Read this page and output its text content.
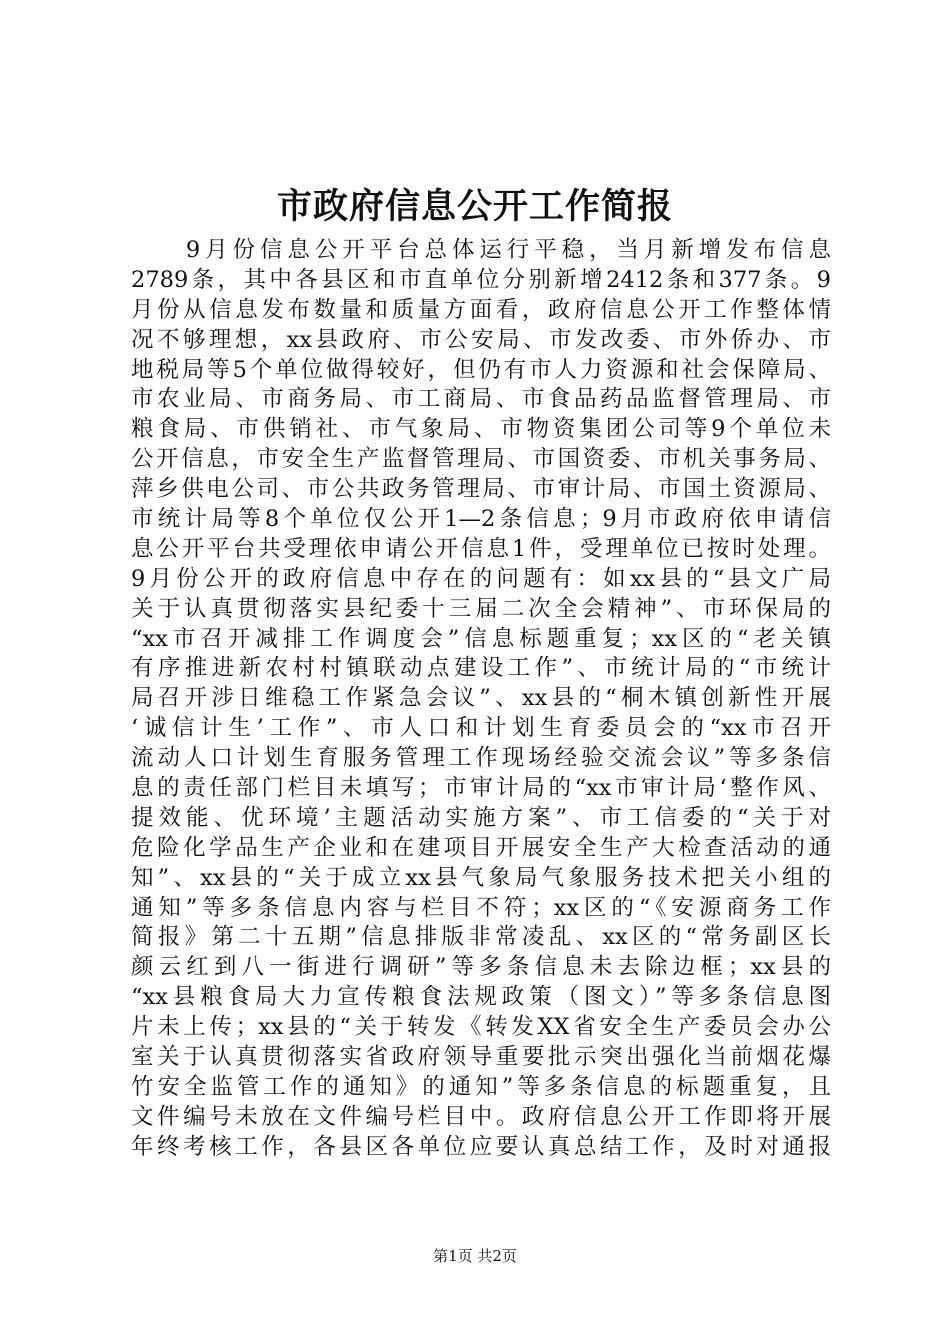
市政府信息公开工作简报
　　9月份信息公开平台总体运行平稳，当月新增发布信息
2789条，其中各县区和市直单位分别新增2412条和377条。9
月份从信息发布数量和质量方面看，政府信息公开工作整体情
况不够理想，xx县政府、市公安局、市发改委、市外侨办、市
地税局等5个单位做得较好，但仍有市人力资源和社会保障局、
市农业局、市商务局、市工商局、市食品药品监督管理局、市
粮食局、市供销社、市气象局、市物资集团公司等9个单位未
公开信息，市安全生产监督管理局、市国资委、市机关事务局、
萍乡供电公司、市公共政务管理局、市审计局、市国土资源局、
市统计局等8个单位仅公开1—2条信息；9月市政府依申请信
息公开平台共受理依申请公开信息1件，受理单位已按时处理。
9月份公开的政府信息中存在的问题有：如xx县的“县文广局
关于认真贯彻落实县纪委十三届二次全会精神”、市环保局的
“xx市召开减排工作调度会”信息标题重复；xx区的“老关镇
有序推进新农村村镇联动点建设工作”、市统计局的“市统计
局召开涉日维稳工作紧急会议”、xx县的“桐木镇创新性开展
‘诚信计生’工作”、市人口和计划生育委员会的“xx市召开
流动人口计划生育服务管理工作现场经验交流会议”等多条信
息的责任部门栏目未填写；市审计局的“xx市审计局‘整作风、
提效能、优环境’主题活动实施方案”、市工信委的“关于对
危险化学品生产企业和在建项目开展安全生产大检查活动的通
知”、xx县的“关于成立xx县气象局气象服务技术把关小组的
通知”等多条信息内容与栏目不符；xx区的“《安源商务工作
简报》第二十五期”信息排版非常凌乱、xx区的“常务副区长
颜云红到八一街进行调研”等多条信息未去除边框；xx县的
“xx县粮食局大力宣传粮食法规政策（图文）”等多条信息图
片未上传；xx县的“关于转发《转发XX省安全生产委员会办公
室关于认真贯彻落实省政府领导重要批示突出强化当前烟花爆
竹安全监管工作的通知》的通知”等多条信息的标题重复，且
文件编号未放在文件编号栏目中。政府信息公开工作即将开展
年终考核工作，各县区各单位应要认真总结工作，及时对通报
第1页 共2页
